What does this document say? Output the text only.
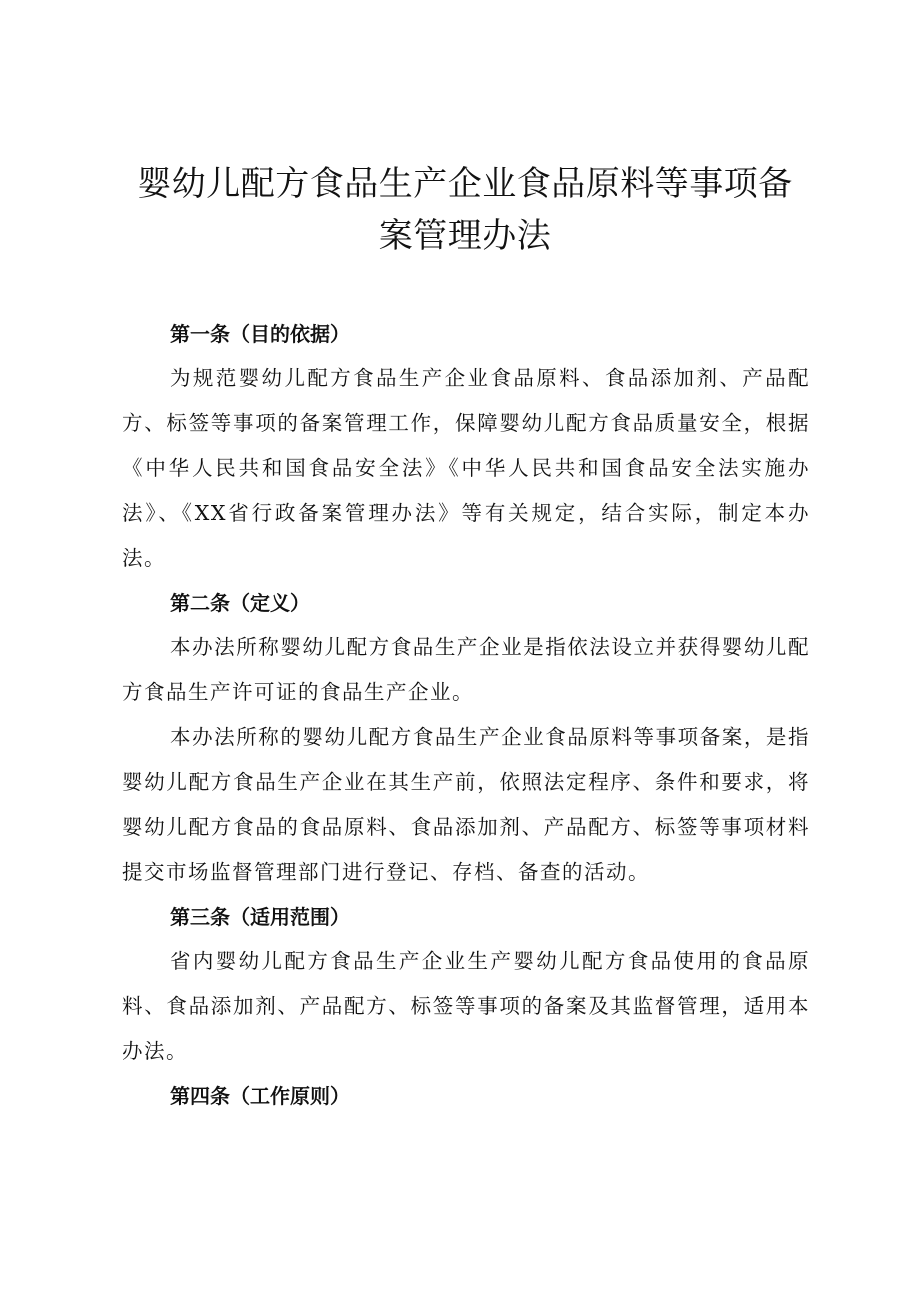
婴幼儿配方食品生产企业食品原料等事项备
案管理办法

第一条（目的依据）

为规范婴幼儿配方食品生产企业食品原料、食品添加剂、产品配方、标签等事项的备案管理工作，保障婴幼儿配方食品质量安全，根据《中华人民共和国食品安全法》《中华人民共和国食品安全法实施办法》、《XX省行政备案管理办法》等有关规定，结合实际，制定本办法。

第二条（定义）

本办法所称婴幼儿配方食品生产企业是指依法设立并获得婴幼儿配方食品生产许可证的食品生产企业。

本办法所称的婴幼儿配方食品生产企业食品原料等事项备案，是指婴幼儿配方食品生产企业在其生产前，依照法定程序、条件和要求，将婴幼儿配方食品的食品原料、食品添加剂、产品配方、标签等事项材料提交市场监督管理部门进行登记、存档、备查的活动。

第三条（适用范围）

省内婴幼儿配方食品生产企业生产婴幼儿配方食品使用的食品原料、食品添加剂、产品配方、标签等事项的备案及其监督管理，适用本办法。

第四条（工作原则）
